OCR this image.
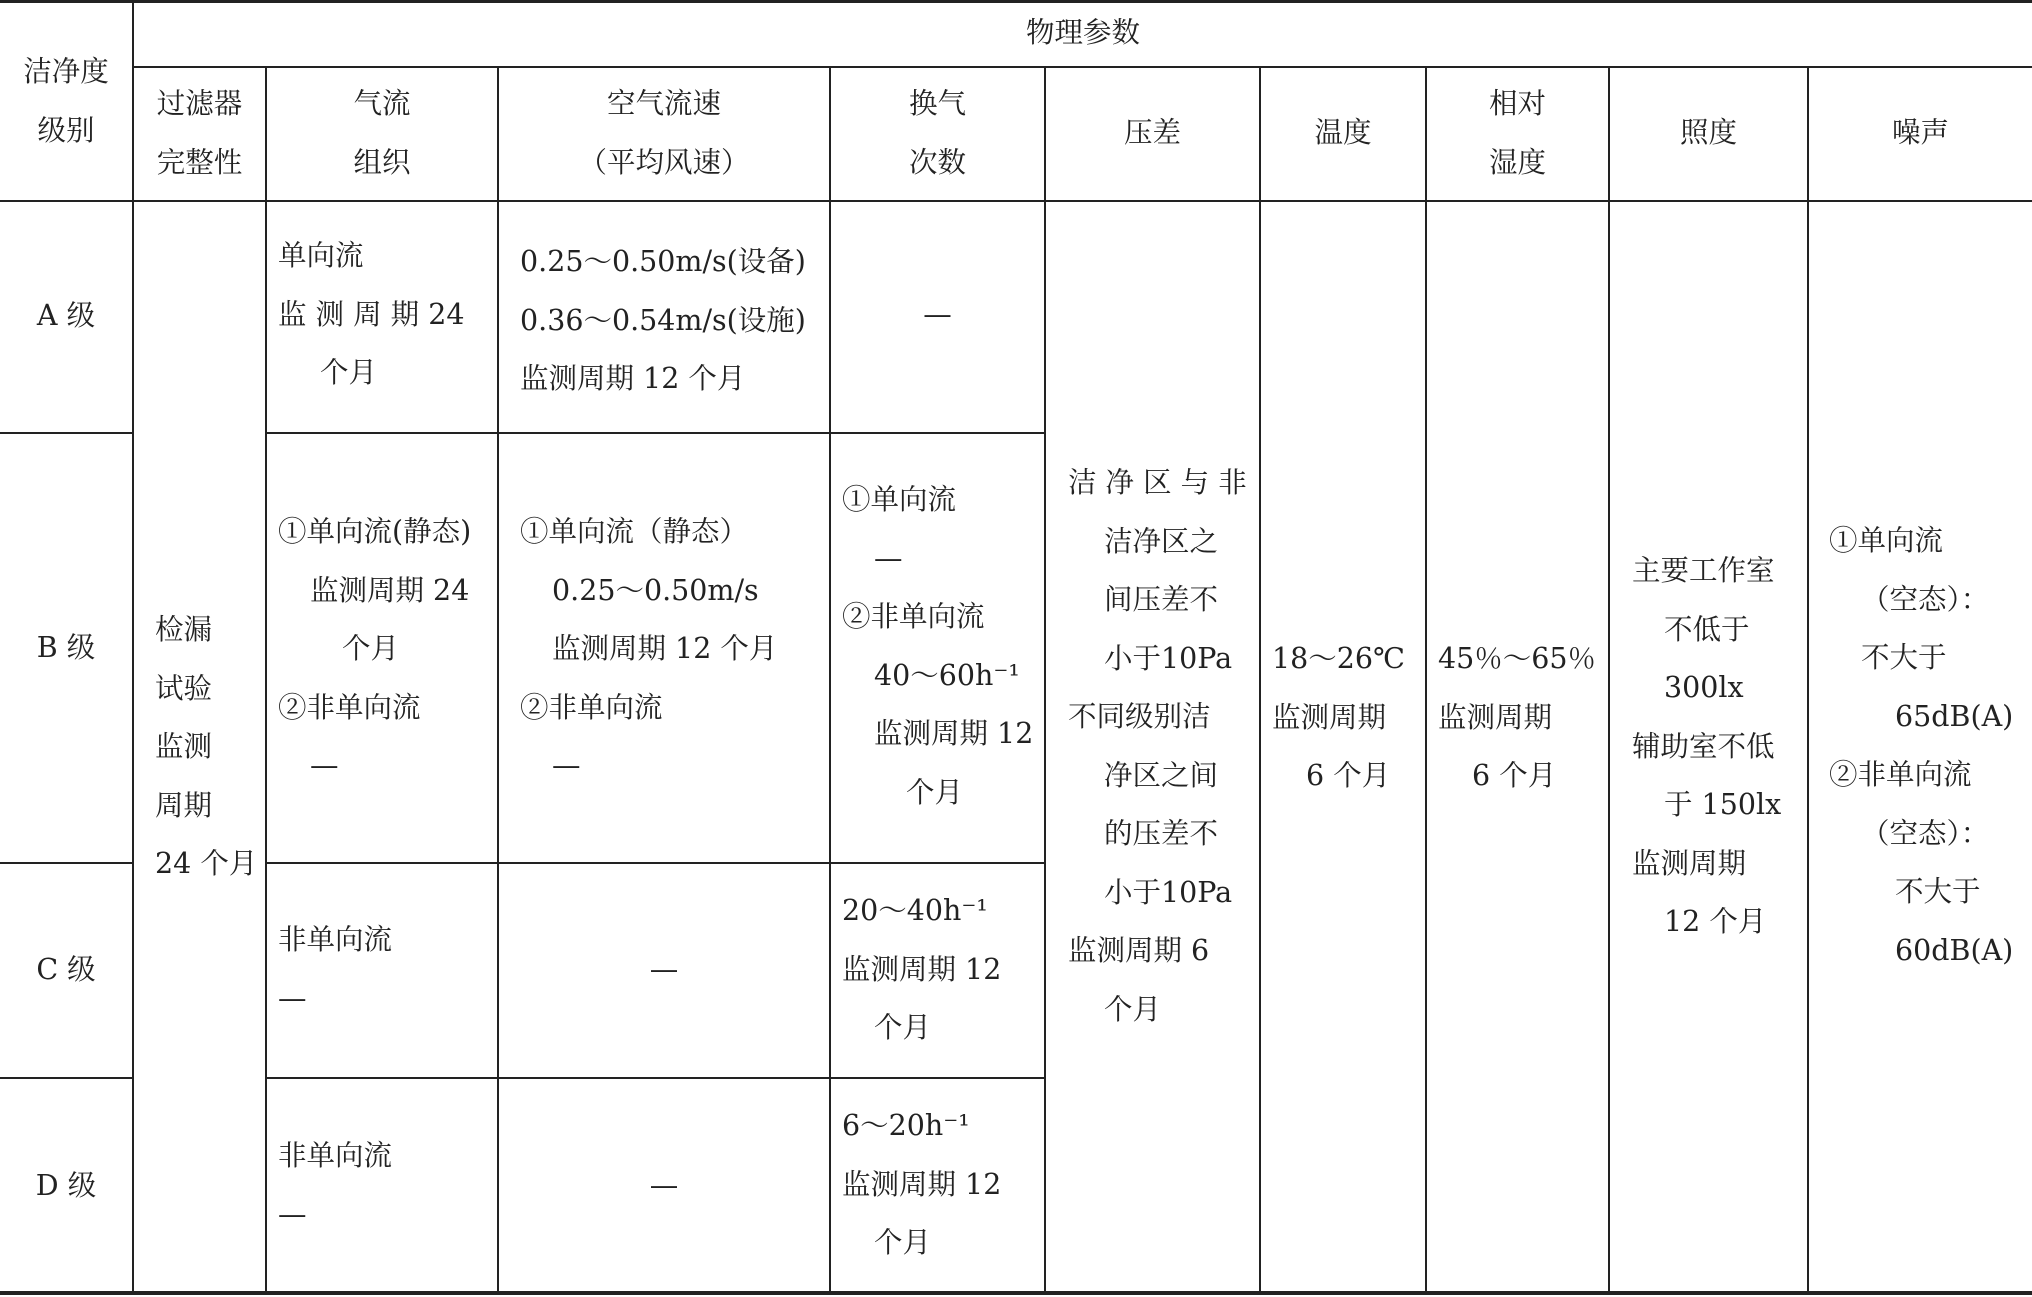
洁净度
级别
物理参数
过滤器
完整性
气流
组织
空气流速
（平均风速）
换气
次数
压差	温度
相对
湿度
照度	噪声
A 级
B 级
C 级
D 级
检漏
试验
监测
周期
24 个月
单向流
监 测 周 期 24
个月
0.25～0.50m/s(设备)
0.36～0.54m/s(设施)
监测周期 12 个月
—
①单向流(静态)
监测周期 24
个月
②非单向流
—
①单向流（静态）
0.25～0.50m/s
监测周期 12 个月
②非单向流
—
①单向流
—
②非单向流
40～60h⁻¹
监测周期 12
个月
非单向流
—
—
20～40h⁻¹
监测周期 12
个月
非单向流
—
—
6～20h⁻¹
监测周期 12
个月
洁 净 区 与 非
洁净区之
间压差不
小于10Pa
不同级别洁
净区之间
的压差不
小于10Pa
监测周期 6
个月
18～26℃
监测周期
6 个月
45％～65％
监测周期
6 个月
主要工作室
不低于
300lx
辅助室不低
于 150lx
监测周期
12 个月
①单向流
（空态）：
不大于
65dB(A)
②非单向流
（空态）：
不大于
60dB(A)
